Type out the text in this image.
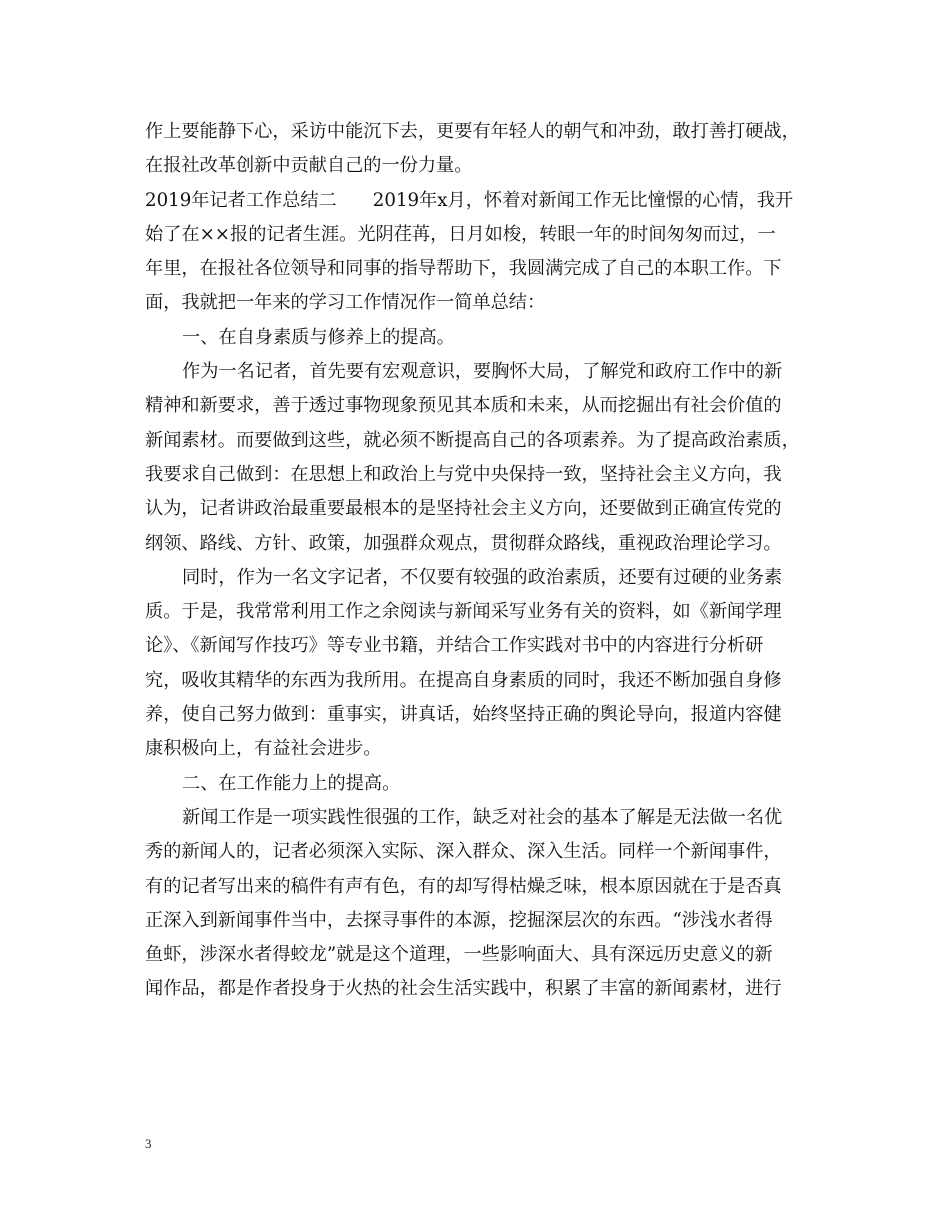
作上要能静下心，采访中能沉下去，更要有年轻人的朝气和冲劲，敢打善打硬战，
在报社改革创新中贡献自己的一份力量。
2019年记者工作总结二 2019年x月，怀着对新闻工作无比憧憬的心情，我开
始了在××报的记者生涯。光阴荏苒，日月如梭，转眼一年的时间匆匆而过，一
年里，在报社各位领导和同事的指导帮助下，我圆满完成了自己的本职工作。下
面，我就把一年来的学习工作情况作一简单总结：
一、在自身素质与修养上的提高。
作为一名记者，首先要有宏观意识，要胸怀大局，了解党和政府工作中的新
精神和新要求，善于透过事物现象预见其本质和未来，从而挖掘出有社会价值的
新闻素材。而要做到这些，就必须不断提高自己的各项素养。为了提高政治素质，
我要求自己做到：在思想上和政治上与党中央保持一致，坚持社会主义方向，我
认为，记者讲政治最重要最根本的是坚持社会主义方向，还要做到正确宣传党的
纲领、路线、方针、政策，加强群众观点，贯彻群众路线，重视政治理论学习。
同时，作为一名文字记者，不仅要有较强的政治素质，还要有过硬的业务素
质。于是，我常常利用工作之余阅读与新闻采写业务有关的资料，如《新闻学理
论》、《新闻写作技巧》等专业书籍，并结合工作实践对书中的内容进行分析研
究，吸收其精华的东西为我所用。在提高自身素质的同时，我还不断加强自身修
养，使自己努力做到：重事实，讲真话，始终坚持正确的舆论导向，报道内容健
康积极向上，有益社会进步。
二、在工作能力上的提高。
新闻工作是一项实践性很强的工作，缺乏对社会的基本了解是无法做一名优
秀的新闻人的，记者必须深入实际、深入群众、深入生活。同样一个新闻事件，
有的记者写出来的稿件有声有色，有的却写得枯燥乏味，根本原因就在于是否真
正深入到新闻事件当中，去探寻事件的本源，挖掘深层次的东西。“涉浅水者得
鱼虾，涉深水者得蛟龙”就是这个道理，一些影响面大、具有深远历史意义的新
闻作品，都是作者投身于火热的社会生活实践中，积累了丰富的新闻素材，进行
3
